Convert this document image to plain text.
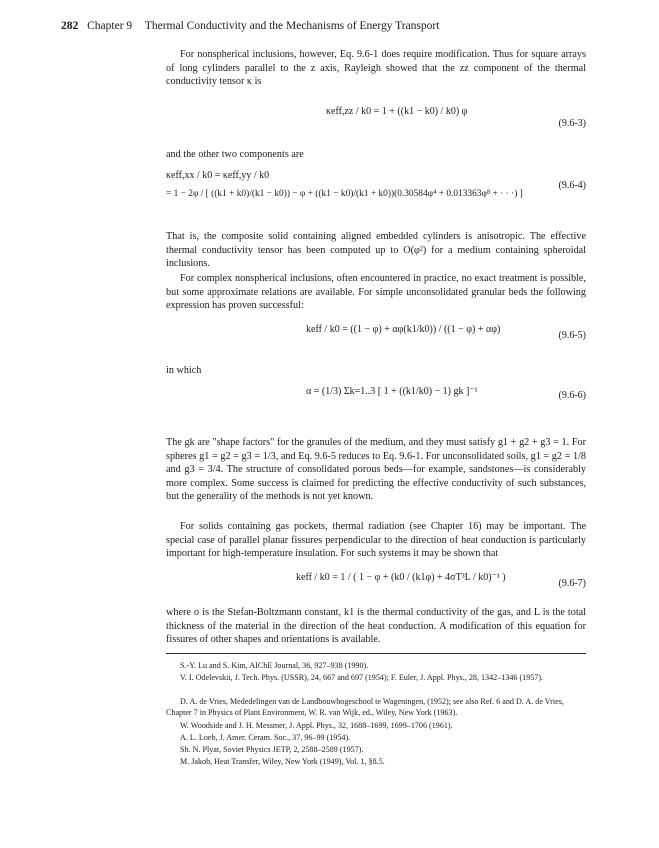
282 Chapter 9 Thermal Conductivity and the Mechanisms of Energy Transport

For nonspherical inclusions, however, Eq. 9.6-1 does require modification. Thus for square arrays of long cylinders parallel to the z axis, Rayleigh showed that the zz component of the thermal conductivity tensor κ is

κeff,zz / k0 = 1 + ((k1 − k0) / k0) φ
(9.6-3)

and the other two components are

κeff,xx / k0 = κeff,yy / k0
= 1 − 2φ / [ ((k1 + k0)/(k1 − k0)) − φ + ((k1 − k0)/(k1 + k0))(0.30584φ⁴ + 0.013363φ⁸ + · · ·) ]
(9.6-4)

That is, the composite solid containing aligned embedded cylinders is anisotropic. The effective thermal conductivity tensor has been computed up to O(φ²) for a medium containing spheroidal inclusions.

For complex nonspherical inclusions, often encountered in practice, no exact treatment is possible, but some approximate relations are available. For simple unconsolidated granular beds the following expression has proven successful:

keff / k0 = ((1 − φ) + αφ(k1/k0)) / ((1 − φ) + αφ)
(9.6-5)

in which

α = (1/3) Σk=1..3 [ 1 + ((k1/k0) − 1) gk ]⁻¹	(9.6-6)

The gk are "shape factors" for the granules of the medium, and they must satisfy g1 + g2 + g3 = 1. For spheres g1 = g2 = g3 = 1/3, and Eq. 9.6-5 reduces to Eq. 9.6-1. For unconsolidated soils, g1 = g2 = 1/8 and g3 = 3/4. The structure of consolidated porous beds—for example, sandstones—is considerably more complex. Some success is claimed for predicting the effective conductivity of such substances, but the generality of the methods is not yet known.

For solids containing gas pockets, thermal radiation (see Chapter 16) may be important. The special case of parallel planar fissures perpendicular to the direction of heat conduction is particularly important for high-temperature insulation. For such systems it may be shown that

keff / k0 = 1 / ( 1 − φ + (k0 / (k1φ) + 4σT³L / k0)⁻¹ )
(9.6-7)

where σ is the Stefan-Boltzmann constant, k1 is the thermal conductivity of the gas, and L is the total thickness of the material in the direction of the heat conduction. A modification of this equation for fissures of other shapes and orientations is available.

S.-Y. Lu and S. Kim, AIChE Journal, 36, 927–938 (1990).

V. I. Odelevskii, J. Tech. Phys. (USSR), 24, 667 and 697 (1954); F. Euler, J. Appl. Phys., 28, 1342–1346 (1957).

D. A. de Vries, Mededelingen van de Landbouwhogeschool te Wageningen, (1952); see also Ref. 6 and D. A. de Vries, Chapter 7 in Physics of Plant Environment, W. R. van Wijk, ed., Wiley, New York (1963).

W. Woodside and J. H. Messmer, J. Appl. Phys., 32, 1688–1699, 1699–1706 (1961).

A. L. Loeb, J. Amer. Ceram. Soc., 37, 96–99 (1954).

Sh. N. Plyat, Soviet Physics JETP, 2, 2588–2589 (1957).

M. Jakob, Heat Transfer, Wiley, New York (1949), Vol. 1, §8.5.
